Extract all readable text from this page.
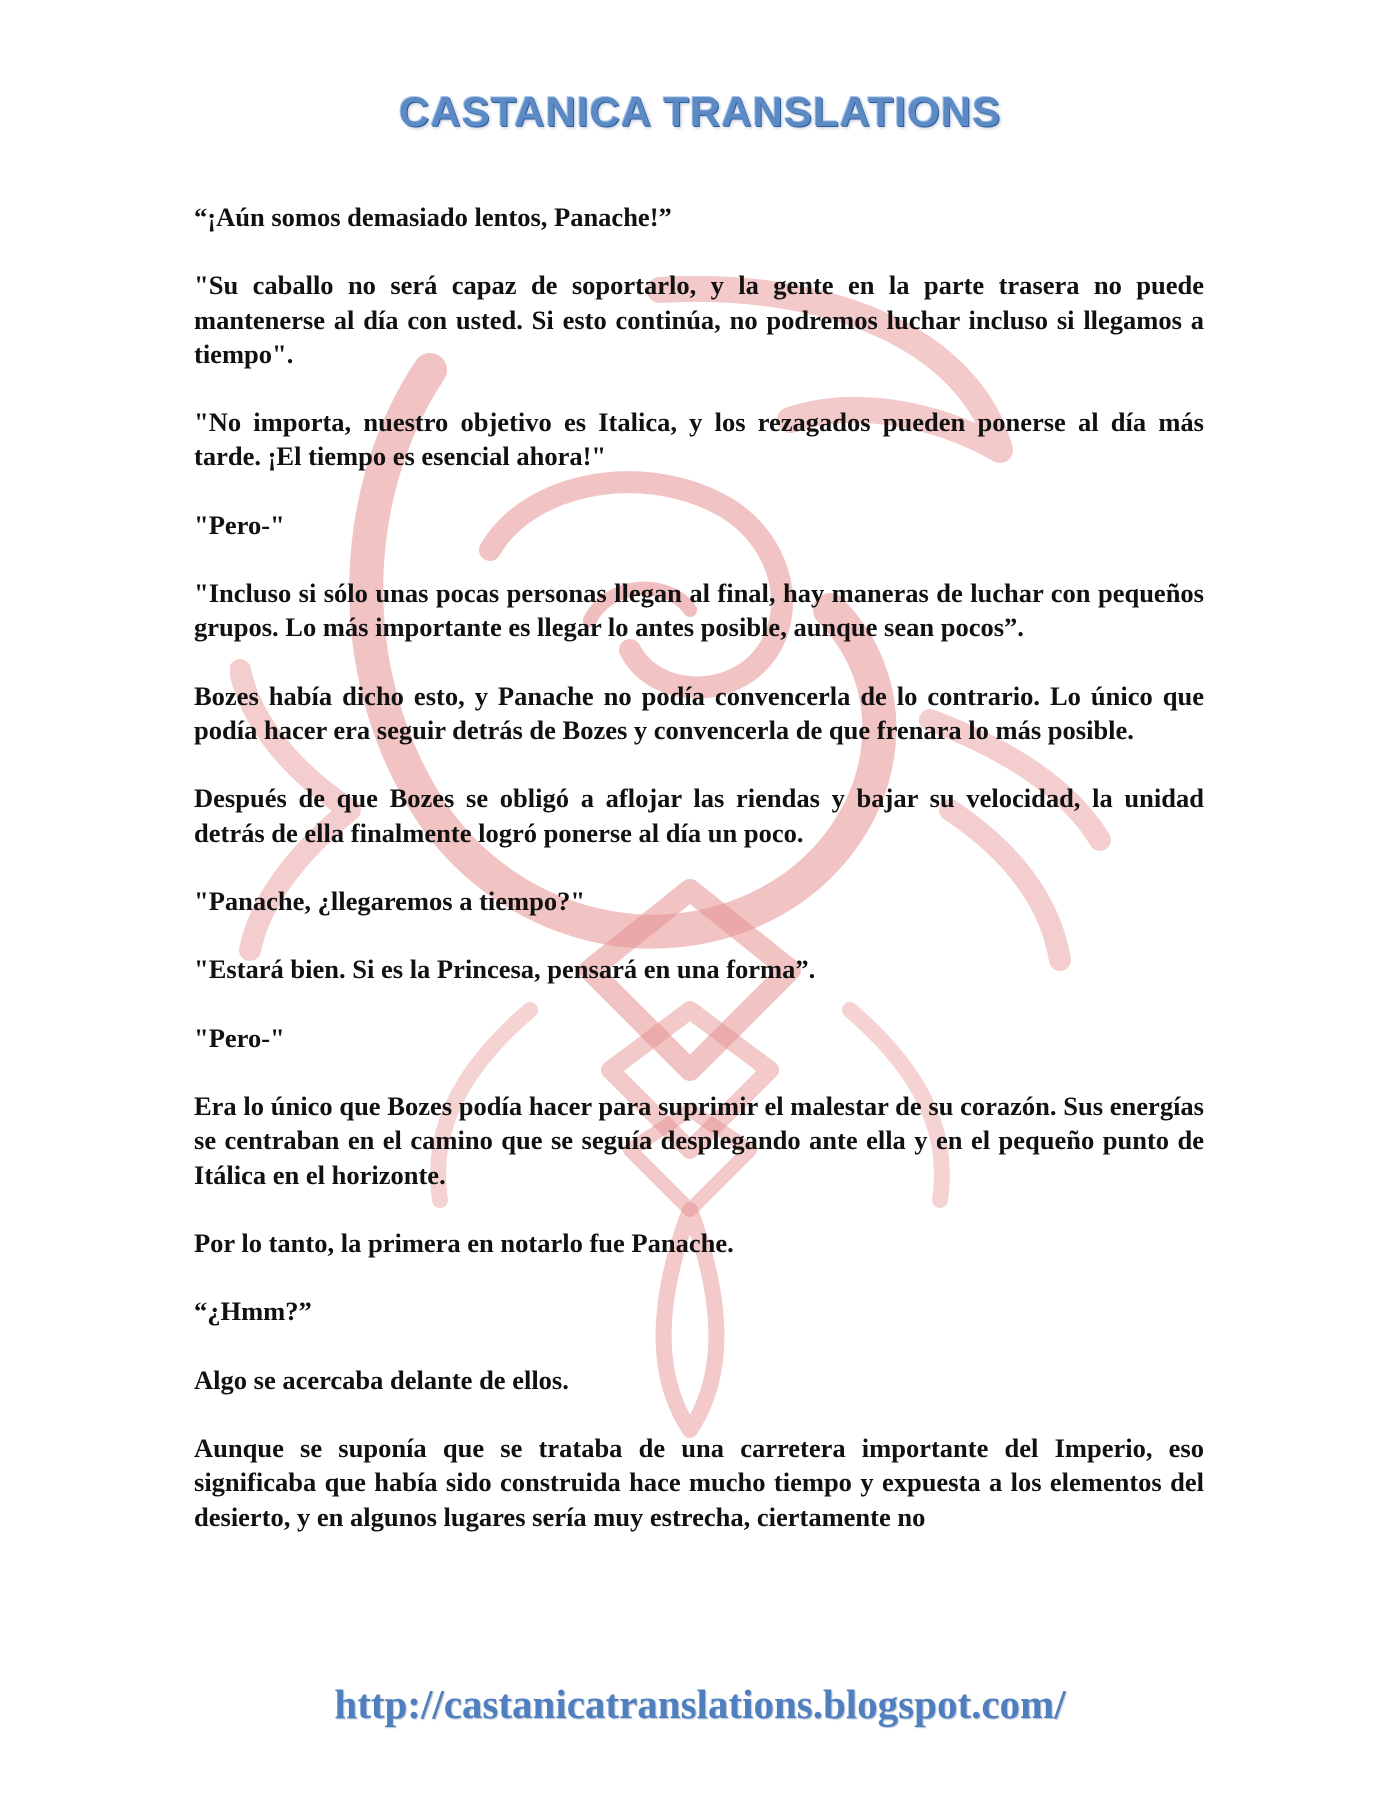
CASTANICA TRANSLATIONS

“¡Aún somos demasiado lentos, Panache!”

"Su caballo no será capaz de soportarlo, y la gente en la parte trasera no puede mantenerse al día con usted. Si esto continúa, no podremos luchar incluso si llegamos a tiempo".

"No importa, nuestro objetivo es Italica, y los rezagados pueden ponerse al día más tarde. ¡El tiempo es esencial ahora!"

"Pero-"

"Incluso si sólo unas pocas personas llegan al final, hay maneras de luchar con pequeños grupos. Lo más importante es llegar lo antes posible, aunque sean pocos”.

Bozes había dicho esto, y Panache no podía convencerla de lo contrario. Lo único que podía hacer era seguir detrás de Bozes y convencerla de que frenara lo más posible.

Después de que Bozes se obligó a aflojar las riendas y bajar su velocidad, la unidad detrás de ella finalmente logró ponerse al día un poco.

"Panache, ¿llegaremos a tiempo?"

"Estará bien. Si es la Princesa, pensará en una forma”.

"Pero-"

Era lo único que Bozes podía hacer para suprimir el malestar de su corazón. Sus energías se centraban en el camino que se seguía desplegando ante ella y en el pequeño punto de Itálica en el horizonte.

Por lo tanto, la primera en notarlo fue Panache.

“¿Hmm?”

Algo se acercaba delante de ellos.

Aunque se suponía que se trataba de una carretera importante del Imperio, eso significaba que había sido construida hace mucho tiempo y expuesta a los elementos del desierto, y en algunos lugares sería muy estrecha, ciertamente no

http://castanicatranslations.blogspot.com/
